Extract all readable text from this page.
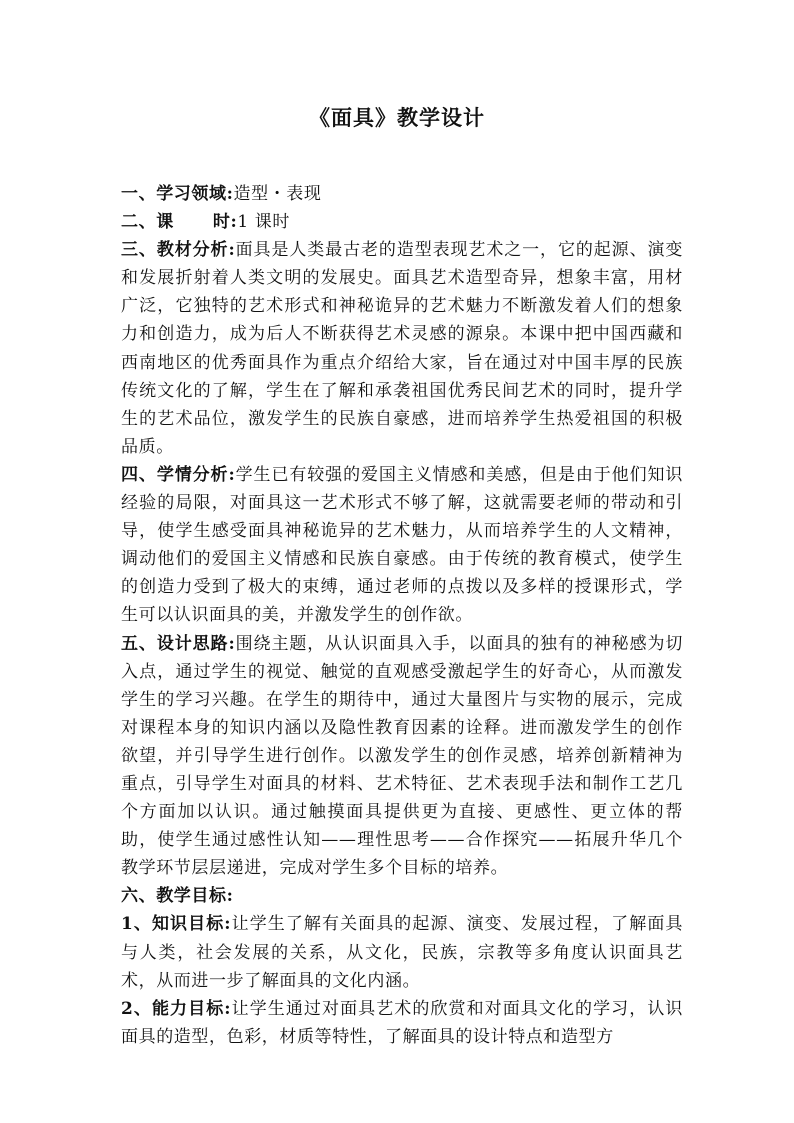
《面具》教学设计

一、学习领域:造型・表现

二、课      时:1 课时

三、教材分析:面具是人类最古老的造型表现艺术之一，它的起源、演变和发展折射着人类文明的发展史。面具艺术造型奇异，想象丰富，用材广泛，它独特的艺术形式和神秘诡异的艺术魅力不断激发着人们的想象力和创造力，成为后人不断获得艺术灵感的源泉。本课中把中国西藏和西南地区的优秀面具作为重点介绍给大家，旨在通过对中国丰厚的民族传统文化的了解，学生在了解和承袭祖国优秀民间艺术的同时，提升学生的艺术品位，激发学生的民族自豪感，进而培养学生热爱祖国的积极品质。

四、学情分析:学生已有较强的爱国主义情感和美感，但是由于他们知识经验的局限，对面具这一艺术形式不够了解，这就需要老师的带动和引导，使学生感受面具神秘诡异的艺术魅力，从而培养学生的人文精神，调动他们的爱国主义情感和民族自豪感。由于传统的教育模式，使学生的创造力受到了极大的束缚，通过老师的点拨以及多样的授课形式，学生可以认识面具的美，并激发学生的创作欲。

五、设计思路:围绕主题，从认识面具入手，以面具的独有的神秘感为切入点，通过学生的视觉、触觉的直观感受激起学生的好奇心，从而激发学生的学习兴趣。在学生的期待中，通过大量图片与实物的展示，完成对课程本身的知识内涵以及隐性教育因素的诠释。进而激发学生的创作欲望，并引导学生进行创作。以激发学生的创作灵感，培养创新精神为重点，引导学生对面具的材料、艺术特征、艺术表现手法和制作工艺几个方面加以认识。通过触摸面具提供更为直接、更感性、更立体的帮助，使学生通过感性认知——理性思考——合作探究——拓展升华几个教学环节层层递进，完成对学生多个目标的培养。

六、教学目标:

1、知识目标:让学生了解有关面具的起源、演变、发展过程，了解面具与人类，社会发展的关系，从文化，民族，宗教等多角度认识面具艺术，从而进一步了解面具的文化内涵。

2、能力目标:让学生通过对面具艺术的欣赏和对面具文化的学习，认识面具的造型，色彩，材质等特性，了解面具的设计特点和造型方
